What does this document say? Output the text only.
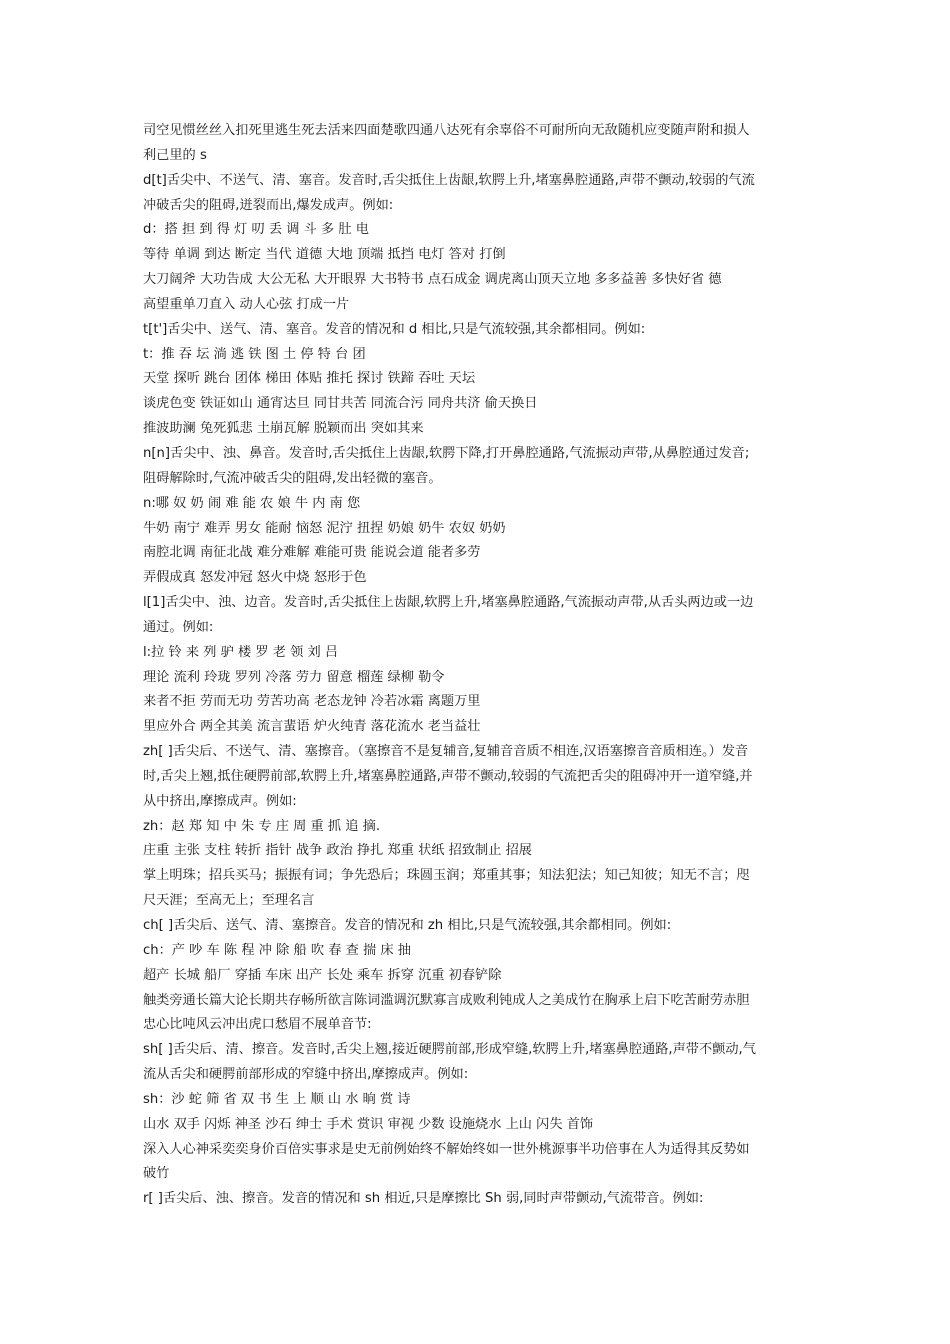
司空见惯丝丝入扣死里逃生死去活来四面楚歌四通八达死有余辜俗不可耐所向无敌随机应变随声附和损人

利己里的 s

d[t]舌尖中、不送气、清、塞音。发音时,舌尖抵住上齿龈,软腭上升,堵塞鼻腔通路,声带不颤动,较弱的气流

冲破舌尖的阻碍,迸裂而出,爆发成声。例如:

d：搭 担 到 得 灯 叨 丢 调 斗 多 肚 电

等待 单调 到达 断定 当代 道德 大地 顶端 抵挡 电灯 答对 打倒

大刀阔斧 大功告成 大公无私 大开眼界 大书特书 点石成金 调虎离山顶天立地 多多益善 多快好省 德

高望重单刀直入 动人心弦 打成一片

t[t']舌尖中、送气、清、塞音。发音的情况和 d 相比,只是气流较强,其余都相同。例如:

t：推 吞 坛 淌 逃 铁 图 土 停 特 台 团

天堂 探听 跳台 团体 梯田 体贴 推托 探讨 铁蹄 吞吐 天坛

谈虎色变 铁证如山 通宵达旦 同甘共苦 同流合污 同舟共济 偷天换日

推波助澜 兔死狐悲 土崩瓦解 脱颖而出 突如其来

n[n]舌尖中、浊、鼻音。发音时,舌尖抵住上齿龈,软腭下降,打开鼻腔通路,气流振动声带,从鼻腔通过发音;

阻碍解除时,气流冲破舌尖的阻碍,发出轻微的塞音。

n:哪 奴 奶 闹 难 能 农 娘 牛 内 南 您

牛奶 南宁 难弄 男女 能耐 恼怒 泥泞 扭捏 奶娘 奶牛 农奴 奶奶

南腔北调 南征北战 难分难解 难能可贵 能说会道 能者多劳

弄假成真 怒发冲冠 怒火中烧 怒形于色

l[1]舌尖中、浊、边音。发音时,舌尖抵住上齿龈,软腭上升,堵塞鼻腔通路,气流振动声带,从舌头两边或一边

通过。例如:

l:拉 铃 来 列 驴 楼 罗 老 领 刘 吕

理论 流利 玲珑 罗列 冷落 劳力 留意 榴莲 绿柳 勒令

来者不拒 劳而无功 劳苦功高 老态龙钟 冷若冰霜 离题万里

里应外合 两全其美 流言蜚语 炉火纯青 落花流水 老当益壮

zh[ ]舌尖后、不送气、清、塞擦音。（塞擦音不是复辅音,复辅音音质不相连,汉语塞擦音音质相连。）发音

时,舌尖上翘,抵住硬腭前部,软腭上升,堵塞鼻腔通路,声带不颤动,较弱的气流把舌尖的阻碍冲开一道窄缝,并

从中挤出,摩擦成声。例如:

zh：赵 郑 知 中 朱 专 庄 周 重 抓 追 摘.

庄重 主张 支柱 转折 指针 战争 政治 挣扎 郑重 状纸 招致制止 招展

掌上明珠；招兵买马；振振有词；争先恐后；珠圆玉润；郑重其事；知法犯法；知己知彼；知无不言；咫

尺天涯；至高无上；至理名言

ch[ ]舌尖后、送气、清、塞擦音。发音的情况和 zh 相比,只是气流较强,其余都相同。例如:

ch：产 吵 车 陈 程 冲 除 船 吹 春 查 揣 床 抽

超产 长城 船厂 穿插 车床 出产 长处 乘车 拆穿 沉重 初春铲除

触类旁通长篇大论长期共存畅所欲言陈词滥调沉默寡言成败利钝成人之美成竹在胸承上启下吃苦耐劳赤胆

忠心比吨风云冲出虎口愁眉不展单音节:

sh[ ]舌尖后、清、擦音。发音时,舌尖上翘,接近硬腭前部,形成窄缝,软腭上升,堵塞鼻腔通路,声带不颤动,气

流从舌尖和硬腭前部形成的窄缝中挤出,摩擦成声。例如:

sh：沙 蛇 筛 省 双 书 生 上 顺 山 水 晌 赏 诗

山水 双手 闪烁 神圣 沙石 绅士 手术 赏识 审视 少数 设施烧水 上山 闪失 首饰

深入人心神采奕奕身价百倍实事求是史无前例始终不解始终如一世外桃源事半功倍事在人为适得其反势如

破竹

r[ ]舌尖后、浊、擦音。发音的情况和 sh 相近,只是摩擦比 Sh 弱,同时声带颤动,气流带音。例如:
